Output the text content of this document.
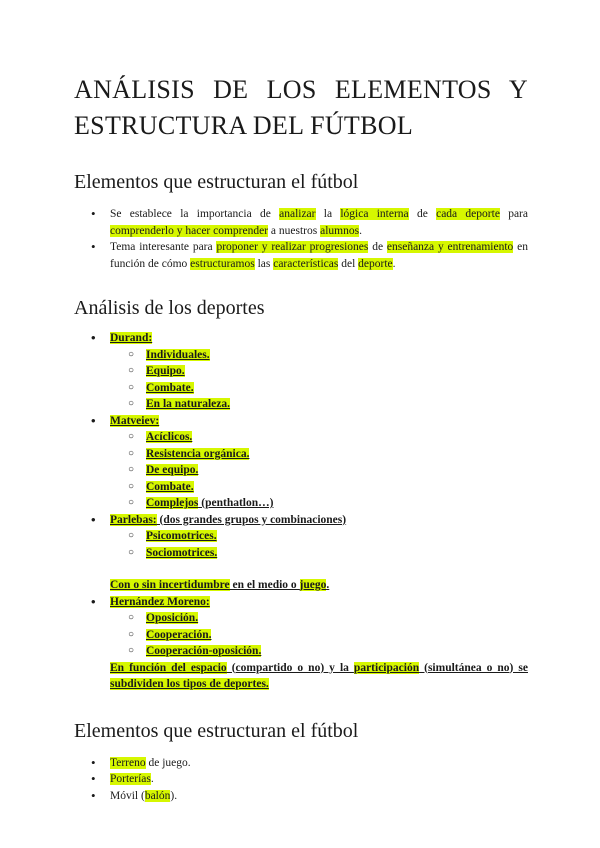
ANÁLISIS DE LOS ELEMENTOS Y ESTRUCTURA DEL FÚTBOL
Elementos que estructuran el fútbol
• Se establece la importancia de analizar la lógica interna de cada deporte para comprenderlo y hacer comprender a nuestros alumnos.
• Tema interesante para proponer y realizar progresiones de enseñanza y entrenamiento en función de cómo estructuramos las características del deporte.
Análisis de los deportes
• Durand:
○ Individuales.
○ Equipo.
○ Combate.
○ En la naturaleza.
• Matveiev:
○ Acíclicos.
○ Resistencia orgánica.
○ De equipo.
○ Combate.
○ Complejos (penthatlon…)
• Parlebas: (dos grandes grupos y combinaciones)
○ Psicomotrices.
○ Sociomotrices.
Con o sin incertidumbre en el medio o juego.
• Hernández Moreno:
○ Oposición.
○ Cooperación.
○ Cooperación-oposición.
En función del espacio (compartido o no) y la participación (simultánea o no) se subdividen los tipos de deportes.
Elementos que estructuran el fútbol
• Terreno de juego.
• Porterías.
• Móvil (balón).
